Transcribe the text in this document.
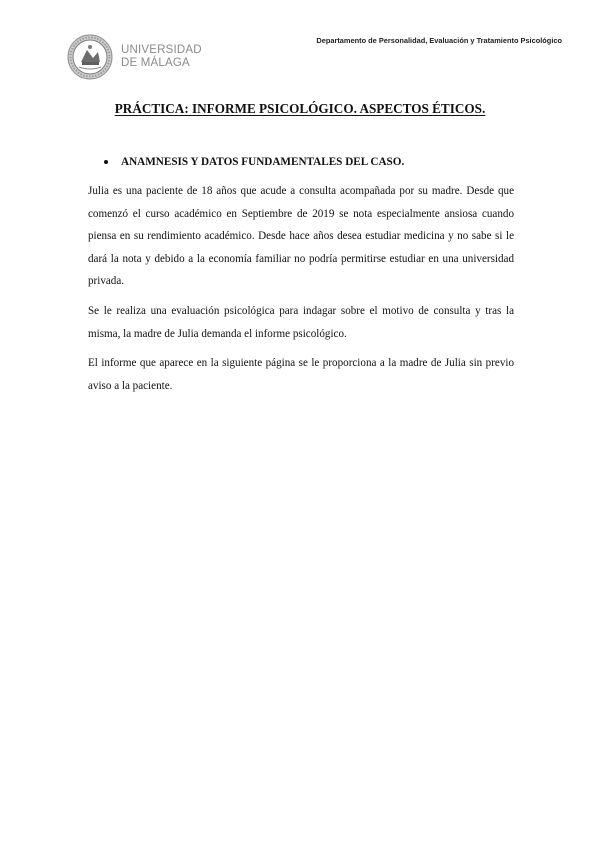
Departamento de Personalidad, Evaluación y Tratamiento Psicológico
UNIVERSIDAD
DE MÁLAGA
PRÁCTICA: INFORME PSICOLÓGICO. ASPECTOS ÉTICOS.
ANAMNESIS Y DATOS FUNDAMENTALES DEL CASO.

Julia es una paciente de 18 años que acude a consulta acompañada por su madre. Desde que comenzó el curso académico en Septiembre de 2019 se nota especialmente ansiosa cuando piensa en su rendimiento académico. Desde hace años desea estudiar medicina y no sabe si le dará la nota y debido a la economía familiar no podría permitirse estudiar en una universidad privada.

Se le realiza una evaluación psicológica para indagar sobre el motivo de consulta y tras la misma, la madre de Julia demanda el informe psicológico.

El informe que aparece en la siguiente página se le proporciona a la madre de Julia sin previo aviso a la paciente.
